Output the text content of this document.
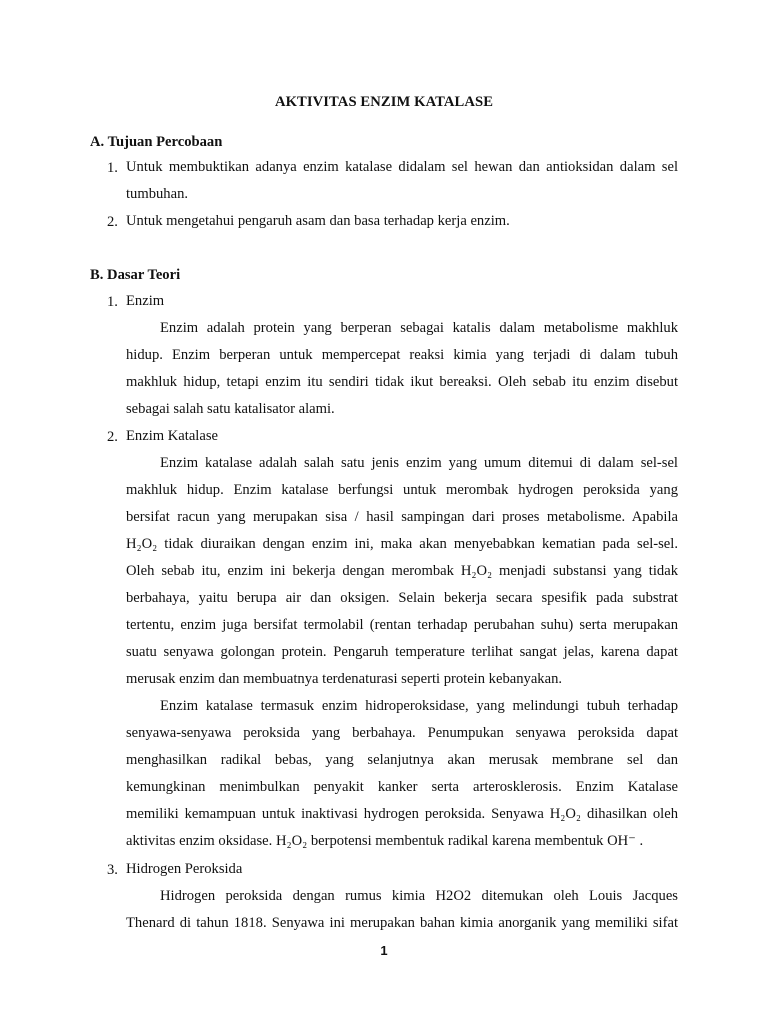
AKTIVITAS ENZIM KATALASE
A. Tujuan Percobaan
1. Untuk membuktikan adanya enzim katalase didalam sel hewan dan antioksidan dalam sel
tumbuhan.
2. Untuk mengetahui pengaruh asam dan basa terhadap kerja enzim.
B. Dasar Teori
1. Enzim
Enzim adalah protein yang berperan sebagai katalis dalam metabolisme makhluk
hidup. Enzim berperan untuk mempercepat reaksi kimia yang terjadi di dalam tubuh
makhluk hidup, tetapi enzim itu sendiri tidak ikut bereaksi. Oleh sebab itu enzim disebut
sebagai salah satu katalisator alami.
2. Enzim Katalase
Enzim katalase adalah salah satu jenis enzim yang umum ditemui di dalam sel-sel
makhluk hidup. Enzim katalase berfungsi untuk merombak hydrogen peroksida yang
bersifat racun yang merupakan sisa / hasil sampingan dari proses metabolisme. Apabila
H₂O₂ tidak diuraikan dengan enzim ini, maka akan menyebabkan kematian pada sel-sel.
Oleh sebab itu, enzim ini bekerja dengan merombak H₂O₂ menjadi substansi yang tidak
berbahaya, yaitu berupa air dan oksigen. Selain bekerja secara spesifik pada substrat
tertentu, enzim juga bersifat termolabil (rentan terhadap perubahan suhu) serta merupakan
suatu senyawa golongan protein. Pengaruh temperature terlihat sangat jelas, karena dapat
merusak enzim dan membuatnya terdenaturasi seperti protein kebanyakan.
Enzim katalase termasuk enzim hidroperoksidase, yang melindungi tubuh terhadap
senyawa-senyawa peroksida yang berbahaya. Penumpukan senyawa peroksida dapat
menghasilkan radikal bebas, yang selanjutnya akan merusak membrane sel dan
kemungkinan menimbulkan penyakit kanker serta arterosklerosis. Enzim Katalase
memiliki kemampuan untuk inaktivasi hydrogen peroksida. Senyawa H₂O₂ dihasilkan oleh
aktivitas enzim oksidase. H₂O₂ berpotensi membentuk radikal karena membentuk OH⁻ .
3. Hidrogen Peroksida
Hidrogen peroksida dengan rumus kimia H2O2 ditemukan oleh Louis Jacques
Thenard di tahun 1818. Senyawa ini merupakan bahan kimia anorganik yang memiliki sifat
1
